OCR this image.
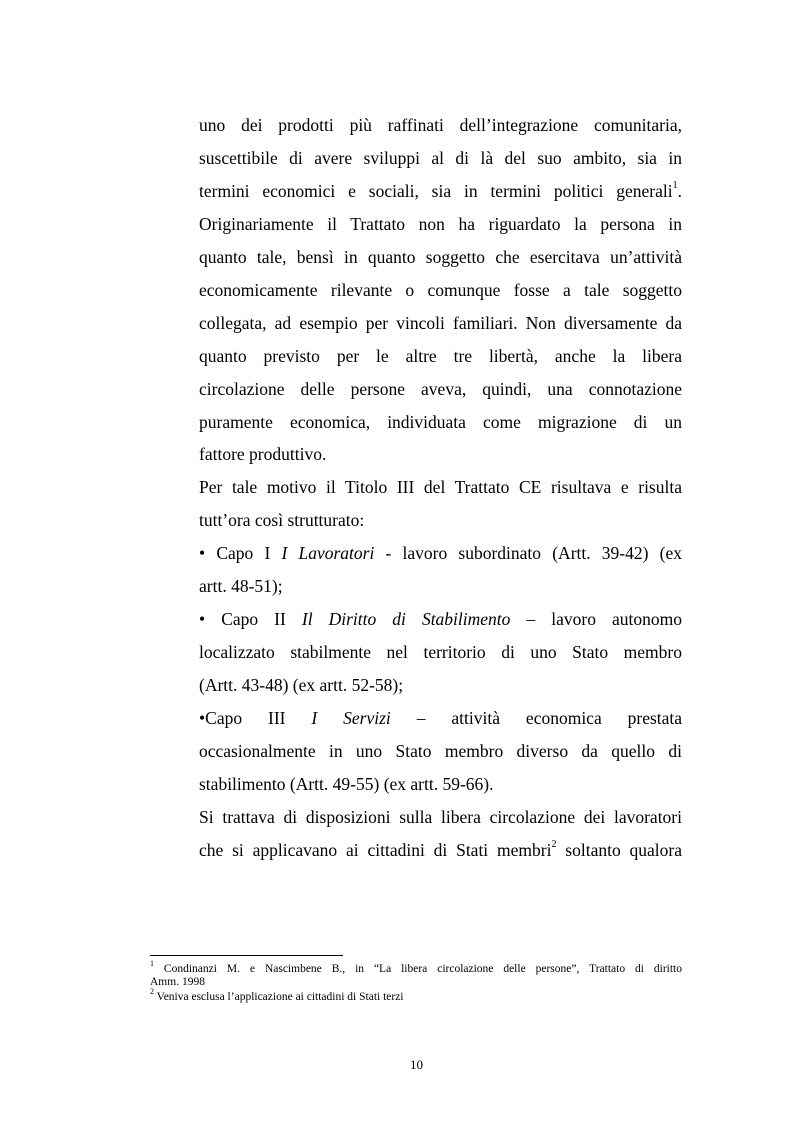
uno dei prodotti più raffinati dell’integrazione comunitaria,
suscettibile di avere sviluppi al di là del suo ambito, sia in
termini economici e sociali, sia in termini politici generali$^1$.
Originariamente il Trattato non ha riguardato la persona in
quanto tale, bensì in quanto soggetto che esercitava un’attività
economicamente rilevante o comunque fosse a tale soggetto
collegata, ad esempio per vincoli familiari. Non diversamente da
quanto previsto per le altre tre libertà, anche la libera
circolazione delle persone aveva, quindi, una connotazione
puramente economica, individuata come migrazione di un
fattore produttivo.
Per tale motivo il Titolo III del Trattato CE risultava e risulta
tutt’ora così strutturato:
• Capo I I Lavoratori - lavoro subordinato (Artt. 39-42) (ex
artt. 48-51);
• Capo II Il Diritto di Stabilimento – lavoro autonomo
localizzato stabilmente nel territorio di uno Stato membro
(Artt. 43-48) (ex artt. 52-58);
•Capo III I Servizi – attività economica prestata
occasionalmente in uno Stato membro diverso da quello di
stabilimento (Artt. 49-55) (ex artt. 59-66).
Si trattava di disposizioni sulla libera circolazione dei lavoratori
che si applicavano ai cittadini di Stati membri$^2$ soltanto qualora
$^1$ Condinanzi M. e Nascimbene B., in “La libera circolazione delle persone”, Trattato di diritto
Amm. 1998
$^2$ Veniva esclusa l’applicazione ai cittadini di Stati terzi
10
